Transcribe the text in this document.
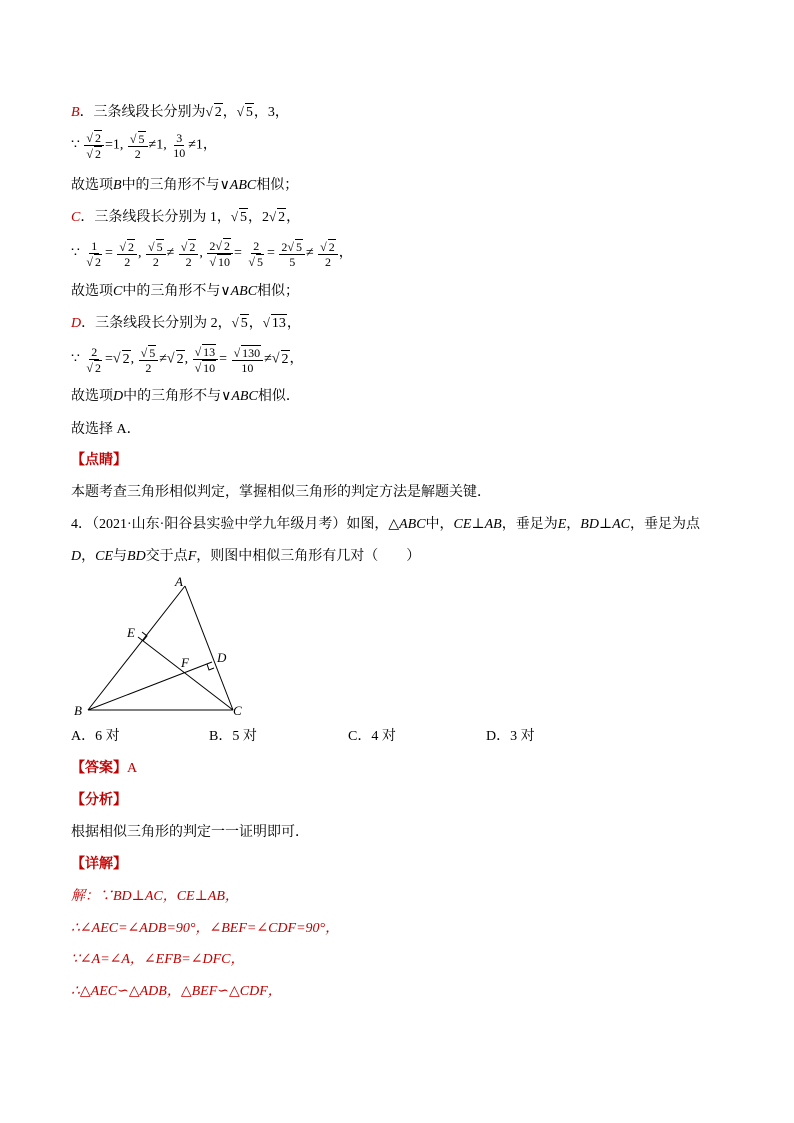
B．三条线段长分别为√ 2，√ 5，3，
∵ $\frac{√ 2}{√ 2} =1$, $\frac{√ 5}{2} \ne 1$, $\frac{3}{10} \ne 1$，
故选项B中的三角形不与∨ABC相似；
C．三条线段长分别为 1，√ 5，2√ 2，
∵ $\frac{1}{√ 2} = \frac{√ 2}{2}$ , $\frac{√ 5}{2} \ne \frac{√ 2}{2}$ , $\frac{2√ 2}{√ 10} = \frac{2}{√ 5} = \frac{2√ 5}{5} \ne \frac{√ 2}{2}$ ，
故选项C中的三角形不与∨ABC相似；
D．三条线段长分别为 2，√ 5，√ 13，
∵ $\frac{2}{√ 2}$ =√ 2, $\frac{√ 5}{2}$ ≠√ 2, $\frac{√ 13}{√ 10} = \frac{√ 130}{10}$ ≠√ 2，
故选项D中的三角形不与∨ABC相似．
故选择 A．
【点睛】
本题考查三角形相似判定，掌握相似三角形的判定方法是解题关键．
4．（2021·山东·阳谷县实验中学九年级月考）如图，△ABC中，CE⊥AB，垂足为E，BD⊥AC，垂足为点
D，CE与BD交于点F，则图中相似三角形有几对（　　）
A
B	C
D
E
F
A．6 对	B．5 对	C．4 对	D．3 对
【答案】A
【分析】
根据相似三角形的判定一一证明即可．
【详解】
解：∵BD⊥AC，CE⊥AB，
∴∠AEC=∠ADB=90°，∠BEF=∠CDF=90°，
∵∠A=∠A，∠EFB=∠DFC，
∴△AEC∽△ADB，△BEF∽△CDF，
